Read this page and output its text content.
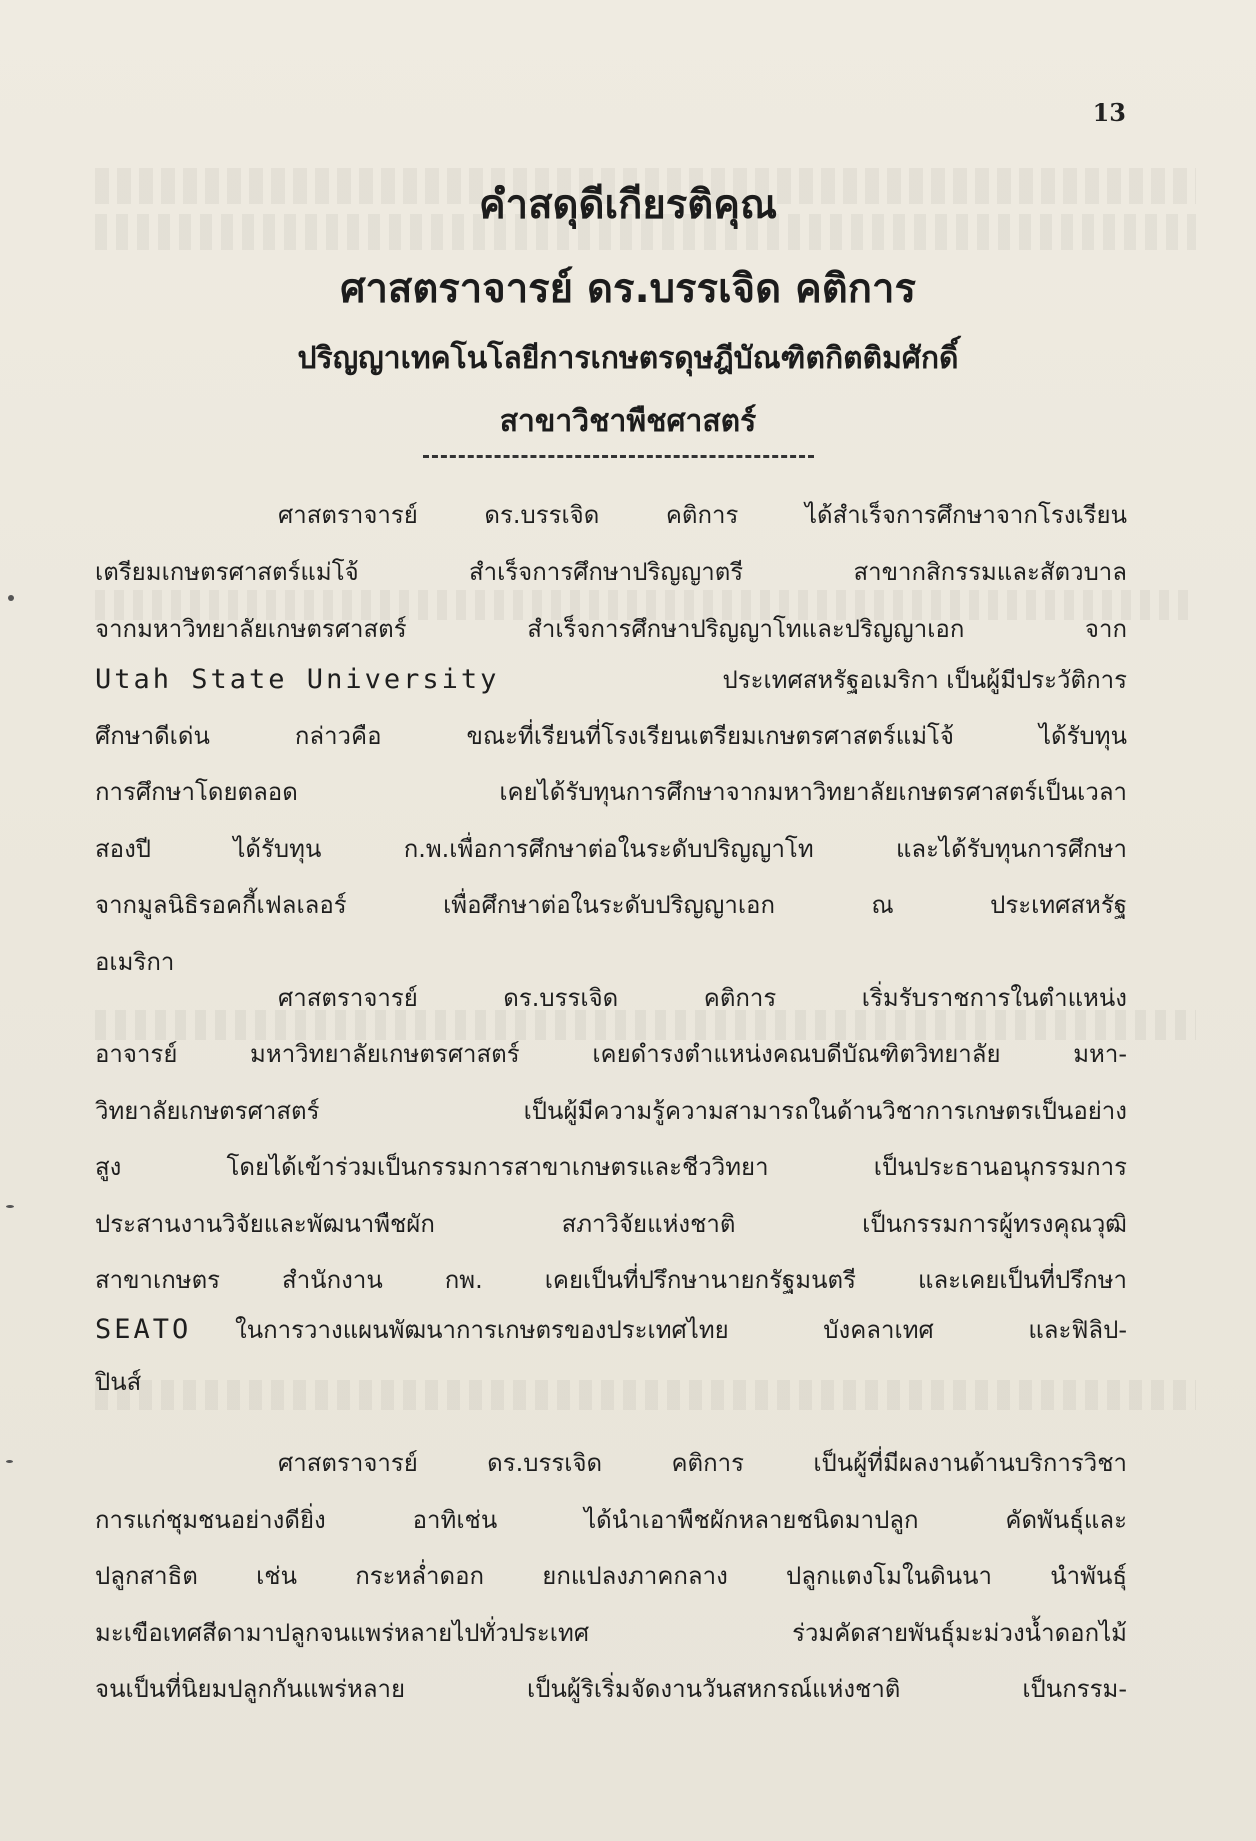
13
คำสดุดีเกียรติคุณ
ศาสตราจารย์ ดร.บรรเจิด คติการ
ปริญญาเทคโนโลยีการเกษตรดุษฎีบัณฑิตกิตติมศักดิ์
สาขาวิชาพืชศาสตร์
ศาสตราจารย์ ดร.บรรเจิด คติการ ได้สำเร็จการศึกษาจากโรงเรียน
เตรียมเกษตรศาสตร์แม่โจ้ สำเร็จการศึกษาปริญญาตรี สาขากสิกรรมและสัตวบาล
จากมหาวิทยาลัยเกษตรศาสตร์ สำเร็จการศึกษาปริญญาโทและปริญญาเอก จาก
Utah State University	ประเทศสหรัฐอเมริกา เป็นผู้มีประวัติการ
ศึกษาดีเด่น กล่าวคือ ขณะที่เรียนที่โรงเรียนเตรียมเกษตรศาสตร์แม่โจ้ ได้รับทุน
การศึกษาโดยตลอด เคยได้รับทุนการศึกษาจากมหาวิทยาลัยเกษตรศาสตร์เป็นเวลา
สองปี ได้รับทุน ก.พ.เพื่อการศึกษาต่อในระดับปริญญาโท และได้รับทุนการศึกษา
จากมูลนิธิรอคกี้เฟลเลอร์ เพื่อศึกษาต่อในระดับปริญญาเอก ณ ประเทศสหรัฐ
อเมริกา
ศาสตราจารย์ ดร.บรรเจิด คติการ เริ่มรับราชการในตำแหน่ง
อาจารย์ มหาวิทยาลัยเกษตรศาสตร์ เคยดำรงตำแหน่งคณบดีบัณฑิตวิทยาลัย มหา-
วิทยาลัยเกษตรศาสตร์ เป็นผู้มีความรู้ความสามารถในด้านวิชาการเกษตรเป็นอย่าง
สูง โดยได้เข้าร่วมเป็นกรรมการสาขาเกษตรและชีววิทยา เป็นประธานอนุกรรมการ
ประสานงานวิจัยและพัฒนาพืชผัก สภาวิจัยแห่งชาติ เป็นกรรมการผู้ทรงคุณวุฒิ
สาขาเกษตร สำนักงาน กพ. เคยเป็นที่ปรึกษานายกรัฐมนตรี และเคยเป็นที่ปรึกษา
SEATO ในการวางแผนพัฒนาการเกษตรของประเทศไทย บังคลาเทศ และฟิลิป-
ปินส์
ศาสตราจารย์ ดร.บรรเจิด คติการ เป็นผู้ที่มีผลงานด้านบริการวิชา
การแก่ชุมชนอย่างดียิ่ง อาทิเช่น ได้นำเอาพืชผักหลายชนิดมาปลูก คัดพันธุ์และ
ปลูกสาธิต เช่น กระหล่ำดอก ยกแปลงภาคกลาง ปลูกแตงโมในดินนา นำพันธุ์
มะเขือเทศสีดามาปลูกจนแพร่หลายไปทั่วประเทศ ร่วมคัดสายพันธุ์มะม่วงน้ำดอกไม้
จนเป็นที่นิยมปลูกกันแพร่หลาย เป็นผู้ริเริ่มจัดงานวันสหกรณ์แห่งชาติ เป็นกรรม-
